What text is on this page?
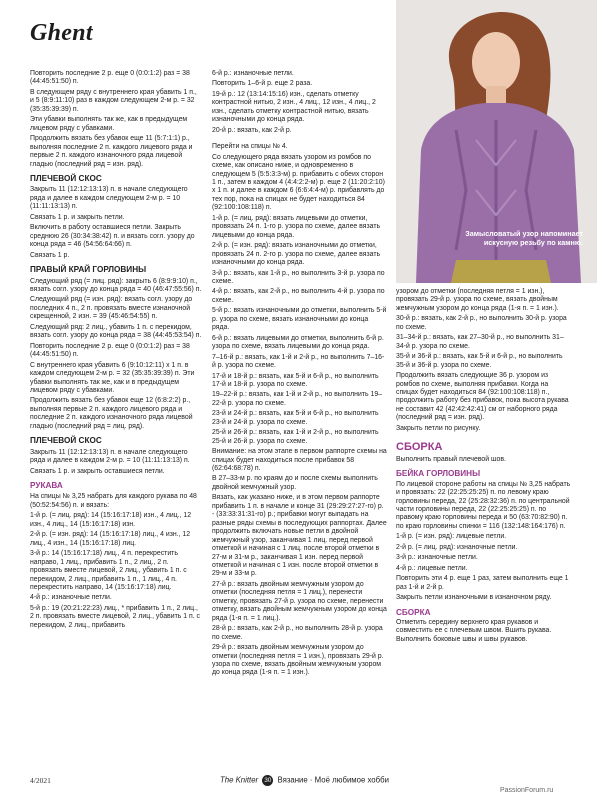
Ghent

Повторить последние 2 р. еще 0 (0:0:1:2) раз = 38 (44:45:51:50) п.

В следующем ряду с внутреннего края убавить 1 п., и 5 (8:9:11:10) раз в каждом следующем 2-м р. = 32 (35:35:39:39) п.

Эти убавки выполнять так же, как в предыдущем лицевом ряду с убавками.

Продолжить вязать без убавок еще 11 (5:7:1:1) р., выполняя последние 2 п. каждого лицевого ряда и первые 2 п. каждого изнаночного ряда лицевой гладью (последний ряд = изн. ряд).

ПЛЕЧЕВОЙ СКОС

Закрыть 11 (12:12:13:13) п. в начале следующего ряда и далее в каждом следующем 2-м р. = 10 (11:11:13:13) п.

Связать 1 р. и закрыть петли.

Включить в работу оставшиеся петли. Закрыть среднюю 26 (30:34:38:42) п. и вязать согл. узору до конца ряда = 46 (54:56:64:66) п.

Связать 1 р.

ПРАВЫЙ КРАЙ ГОРЛОВИНЫ

Следующий ряд (= лиц. ряд): закрыть 6 (8:9:9:10) п., вязать согл. узору до конца ряда = 40 (46:47:55:56) п.

Следующий ряд (= изн. ряд): вязать согл. узору до последних 4 п., 2 п. провязать вместе изнаночной скрещенной, 2 изн. = 39 (45:46:54:55) п.

Следующий ряд: 2 лиц., убавить 1 п. с перекидом, вязать согл. узору до конца ряда = 38 (44:45:53:54) п.

Повторить последние 2 р. еще 0 (0:0:1:2) раз = 38 (44:45:51:50) п.

С внутреннего края убавить 6 (9:10:12:11) x 1 п. в каждом следующем 2-м р. = 32 (35:35:39:39) п. Эти убавки выполнять так же, как и в предыдущем лицевом ряду с убавками.

Продолжить вязать без убавок еще 12 (6:8:2:2) р., выполняя первые 2 п. каждого лицевого ряда и последние 2 п. каждого изнаночного ряда лицевой гладью (последний ряд = лиц. ряд).

ПЛЕЧЕВОЙ СКОС

Закрыть 11 (12:12:13:13) п. в начале следующего ряда и далее в каждом 2-м р. = 10 (11:11:13:13) п.

Связать 1 р. и закрыть оставшиеся петли.

РУКАВА

На спицы № 3,25 набрать для каждого рукава по 48 (50:52:54:56) п. и вязать:

1-й р. (= лиц. ряд): 14 (15:16:17:18) изн., 4 лиц., 12 изн., 4 лиц., 14 (15:16:17:18) изн.

2-й р. (= изн. ряд): 14 (15:16:17:18) лиц., 4 изн., 12 лиц., 4 изн., 14 (15:16:17:18) лиц.

3-й р.: 14 (15:16:17:18) лиц., 4 п. перекрестить направо, 1 лиц., прибавить 1 п., 2 лиц., 2 п. провязать вместе лицевой, 2 лиц., убавить 1 п. с перекидом, 2 лиц., прибавить 1 п., 1 лиц., 4 п. перекрестить направо, 14 (15:16:17:18) лиц.

4-й р.: изнаночные петли.

5-й р.: 19 (20:21:22:23) лиц., * прибавить 1 п., 2 лиц., 2 п. провязать вместе лицевой, 2 лиц., убавить 1 п. с перекидом, 2 лиц., прибавить

6-й р.: изнаночные петли.

Повторить 1–6-й р. еще 2 раза.

19-й р.: 12 (13:14:15:16) изн., сделать отметку контрастной нитью, 2 изн., 4 лиц., 12 изн., 4 лиц., 2 изн., сделать отметку контрастной нитью, вязать изнаночными до конца ряда.

20-й р.: вязать, как 2-й р.

Перейти на спицы № 4.

Со следующего ряда вязать узором из ромбов по схеме, как описано ниже, и одновременно в следующем 5 (5:5:3:3-м) р. прибавить с обеих сторон 1 п., затем в каждом 4 (4:4:2:2-м) р. еще 2 (11:20:2:10) x 1 п. и далее в каждом 6 (6:6:4:4-м) р. прибавлять до тех пор, пока на спицах не будет находиться 84 (92:100:108:118) п.

1-й р. (= лиц. ряд): вязать лицевыми до отметки, провязать 24 п. 1-го р. узора по схеме, далее вязать лицевыми до конца ряда.

2-й р. (= изн. ряд): вязать изнаночными до отметки, провязать 24 п. 2-го р. узора по схеме, далее вязать изнаночными до конца ряда.

3-й р.: вязать, как 1-й р., но выполнить 3-й р. узора по схеме.

4-й р.: вязать, как 2-й р., но выполнить 4-й р. узора по схеме.

5-й р.: вязать изнаночными до отметки, выполнить 5-й р. узора по схеме, вязать изнаночными до конца ряда.

6-й р.: вязать лицевыми до отметки, выполнить 6-й р. узора по схеме, вязать лицевыми до конца ряда.

7–16-й р.: вязать, как 1-й и 2-й р., но выполнить 7–16-й р. узора по схеме.

17-й и 18-й р.: вязать, как 5-й и 6-й р., но выполнить 17-й и 18-й р. узора по схеме.

19–22-й р.: вязать, как 1-й и 2-й р., но выполнить 19–22-й р. узора по схеме.

23-й и 24-й р.: вязать, как 5-й и 6-й р., но выполнить 23-й и 24-й р. узора по схеме.

25-й и 26-й р.: вязать, как 1-й и 2-й р., но выполнить 25-й и 26-й р. узора по схеме.

Внимание: на этом этапе в первом раппорте схемы на спицах будет находиться после прибавок 58 (62:64:68:78) п.

В 27–33-м р. по краям до и после схемы выполнить двойной жемчужный узор.

Вязать, как указано ниже, и в этом первом раппорте прибавить 1 п. в начале и конце 31 (29:29:27:27-го) р. - (33:33:31:31-го) р.; прибавки могут выпадать на разные ряды схемы в последующих раппортах. Далее продолжить включать новые петли в двойной жемчужный узор, заканчивая 1 лиц. перед первой отметкой и начиная с 1 лиц. после второй отметки в 27-м и 31-м р., заканчивая 1 изн. перед первой отметкой и начиная с 1 изн. после второй отметки в 29-м и 33-м р.

27-й р.: вязать двойным жемчужным узором до отметки (последняя петля = 1 лиц.), перенести отметку, провязать 27-й р. узора по схеме, перенести отметку, вязать двойным жемчужным узором до конца ряда (1-я п. = 1 лиц.).

28-й р.: вязать, как 2-й р., но выполнить 28-й р. узора по схеме.

29-й р.: вязать двойным жемчужным узором до отметки (последняя петля = 1 изн.), провязать 29-й р. узора по схеме, вязать двойным жемчужным узором до конца ряда (1-я п. = 1 изн.).

Замысловатый узор напоминает искусную резьбу по камню.

узором до отметки (последняя петля = 1 изн.), провязать 29-й р. узора по схеме, вязать двойным жемчужным узором до конца ряда (1-я п. = 1 изн.).

30-й р.: вязать, как 2-й р., но выполнить 30-й р. узора по схеме.

31–34-й р.: вязать, как 27–30-й р., но выполнить 31–34-й р. узора по схеме.

35-й и 36-й р.: вязать, как 5-й и 6-й р., но выполнить 35-й и 36-й р. узора по схеме.

Продолжить вязать следующие 36 р. узором из ромбов по схеме, выполняя прибавки. Когда на спицах будет находиться 84 (92:100:108:118) п., продолжить работу без прибавок, пока высота рукава не составит 42 (42:42:42:41) см от наборного ряда (последний ряд = изн. ряд).

Закрыть петли по рисунку.

СБОРКА

Выполнить правый плечевой шов.

БЕЙКА ГОРЛОВИНЫ

По лицевой стороне работы на спицы № 3,25 набрать и провязать: 22 (22:25:25:25) п. по левому краю горловины переда, 22 (25:28:32:36) п. по центральной части горловины переда, 22 (22:25:25:25) п. по правому краю горловины переда и 50 (63:70:82:90) п. по краю горловины спинки = 116 (132:148:164:176) п.

1-й р. (= изн. ряд): лицевые петли.

2-й р. (= лиц. ряд): изнаночные петли.

3-й р.: изнаночные петли.

4-й р.: лицевые петли.

Повторить эти 4 р. еще 1 раз, затем выполнить еще 1 раз 1-й и 2-й р.

Закрыть петли изнаночными в изнаночном ряду.

СБОРКА

Отметить середину верхнего края рукавов и совместить ее с плечевым швом. Вшить рукава. Выполнить боковые швы и швы рукавов.

4/2021	The Knitter 30 Вязание · Моё любимое хобби
PassionForum.ru
